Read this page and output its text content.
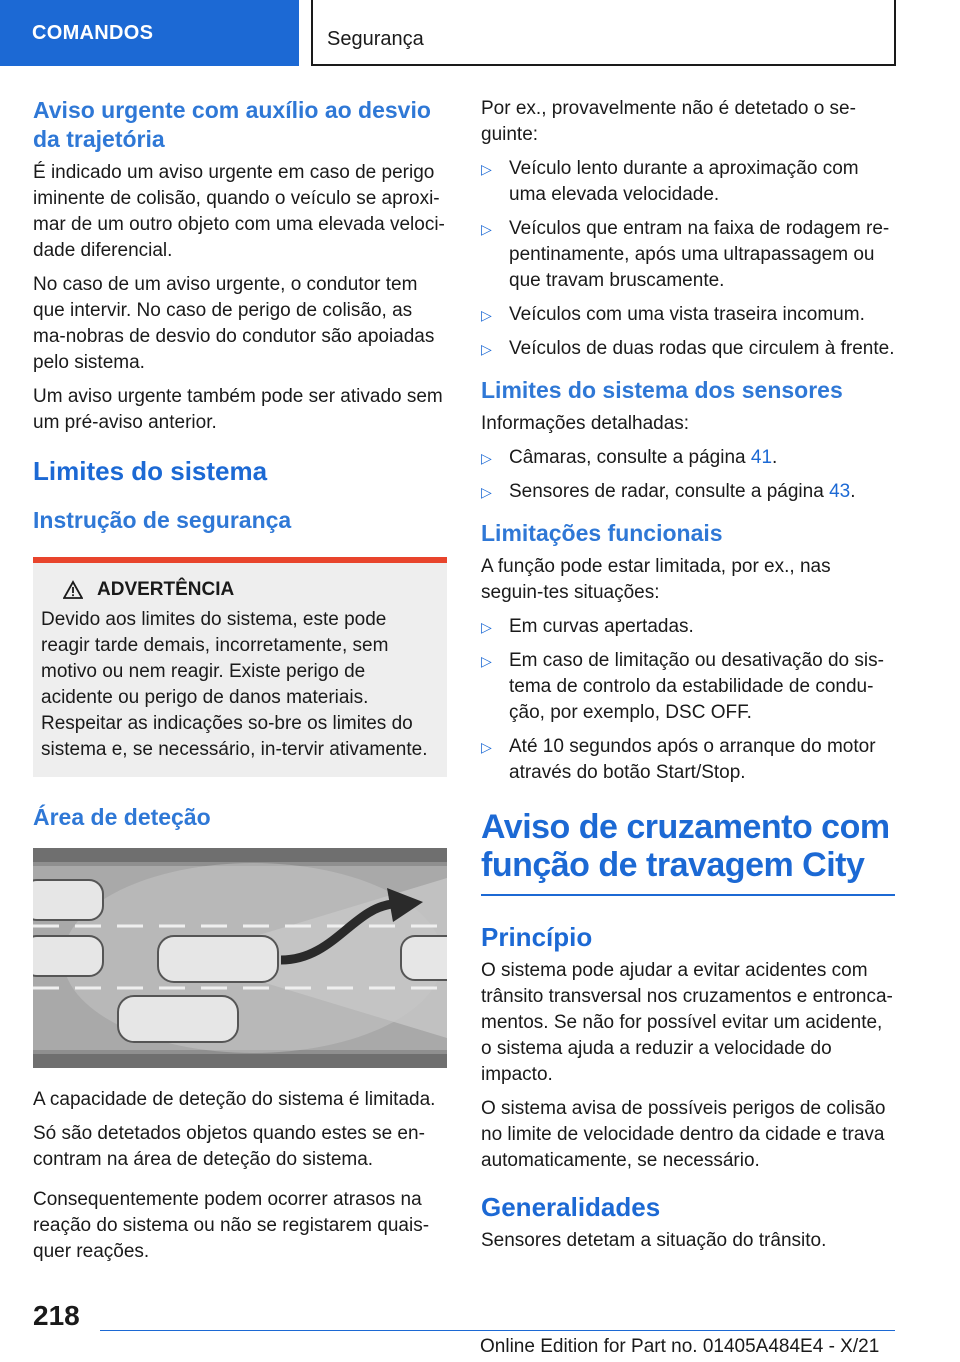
COMANDOS	Segurança
Aviso urgente com auxílio ao desvio da trajetória

É indicado um aviso urgente em caso de perigo iminente de colisão, quando o veículo se aproxi-mar de um outro objeto com uma elevada veloci-dade diferencial.

No caso de um aviso urgente, o condutor tem que intervir. No caso de perigo de colisão, as ma-nobras de desvio do condutor são apoiadas pelo sistema.

Um aviso urgente também pode ser ativado sem um pré-aviso anterior.

Limites do sistema
Instrução de segurança
ADVERTÊNCIA

Devido aos limites do sistema, este pode reagir tarde demais, incorretamente, sem motivo ou nem reagir. Existe perigo de acidente ou perigo de danos materiais. Respeitar as indicações so-bre os limites do sistema e, se necessário, in-tervir ativamente.

Área de deteção

A capacidade de deteção do sistema é limitada.

Só são detetados objetos quando estes se en-contram na área de deteção do sistema.

Consequentemente podem ocorrer atrasos na reação do sistema ou não se registarem quais-quer reações.

Por ex., provavelmente não é detetado o se-guinte:

▷ Veículo lento durante a aproximação com uma elevada velocidade.
▷ Veículos que entram na faixa de rodagem re-pentinamente, após uma ultrapassagem ou que travam bruscamente.
▷ Veículos com uma vista traseira incomum.
▷ Veículos de duas rodas que circulem à frente.
Limites do sistema dos sensores

Informações detalhadas:

▷ Câmaras, consulte a página 41.
▷ Sensores de radar, consulte a página 43.
Limitações funcionais

A função pode estar limitada, por ex., nas seguin-tes situações:

▷ Em curvas apertadas.
▷ Em caso de limitação ou desativação do sis-tema de controlo da estabilidade de condu-ção, por exemplo, DSC OFF.
▷ Até 10 segundos após o arranque do motor através do botão Start/Stop.
Aviso de cruzamento com função de travagem City
Princípio

O sistema pode ajudar a evitar acidentes com trânsito transversal nos cruzamentos e entronca-mentos. Se não for possível evitar um acidente, o sistema ajuda a reduzir a velocidade do impacto.

O sistema avisa de possíveis perigos de colisão no limite de velocidade dentro da cidade e trava automaticamente, se necessário.

Generalidades

Sensores detetam a situação do trânsito.

218
Online Edition for Part no. 01405A484E4 - X/21
